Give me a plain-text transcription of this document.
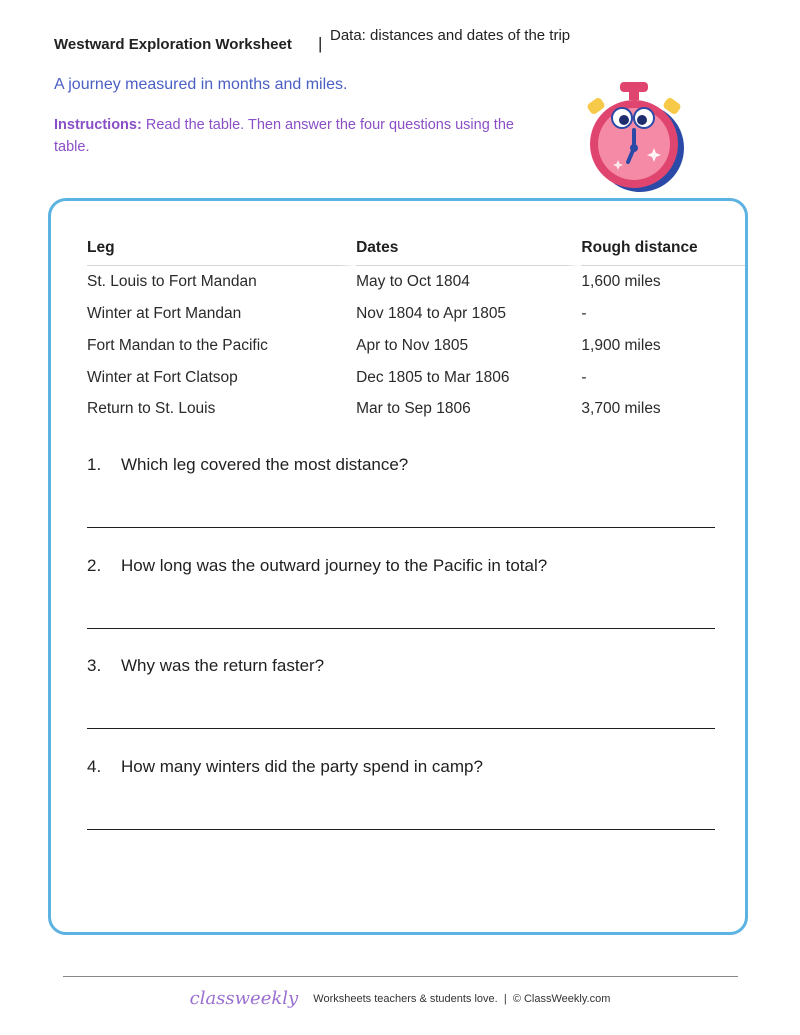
Westward Exploration Worksheet | Data: distances and dates of the trip
A journey measured in months and miles.
Instructions: Read the table. Then answer the four questions using the table.
Leg	Dates	Rough distance
St. Louis to Fort Mandan	May to Oct 1804	1,600 miles
Winter at Fort Mandan	Nov 1804 to Apr 1805	-
Fort Mandan to the Pacific	Apr to Nov 1805	1,900 miles
Winter at Fort Clatsop	Dec 1805 to Mar 1806	-
Return to St. Louis	Mar to Sep 1806	3,700 miles
1. Which leg covered the most distance?
2. How long was the outward journey to the Pacific in total?
3. Why was the return faster?
4. How many winters did the party spend in camp?
classweekly Worksheets teachers & students love. | © ClassWeekly.com
